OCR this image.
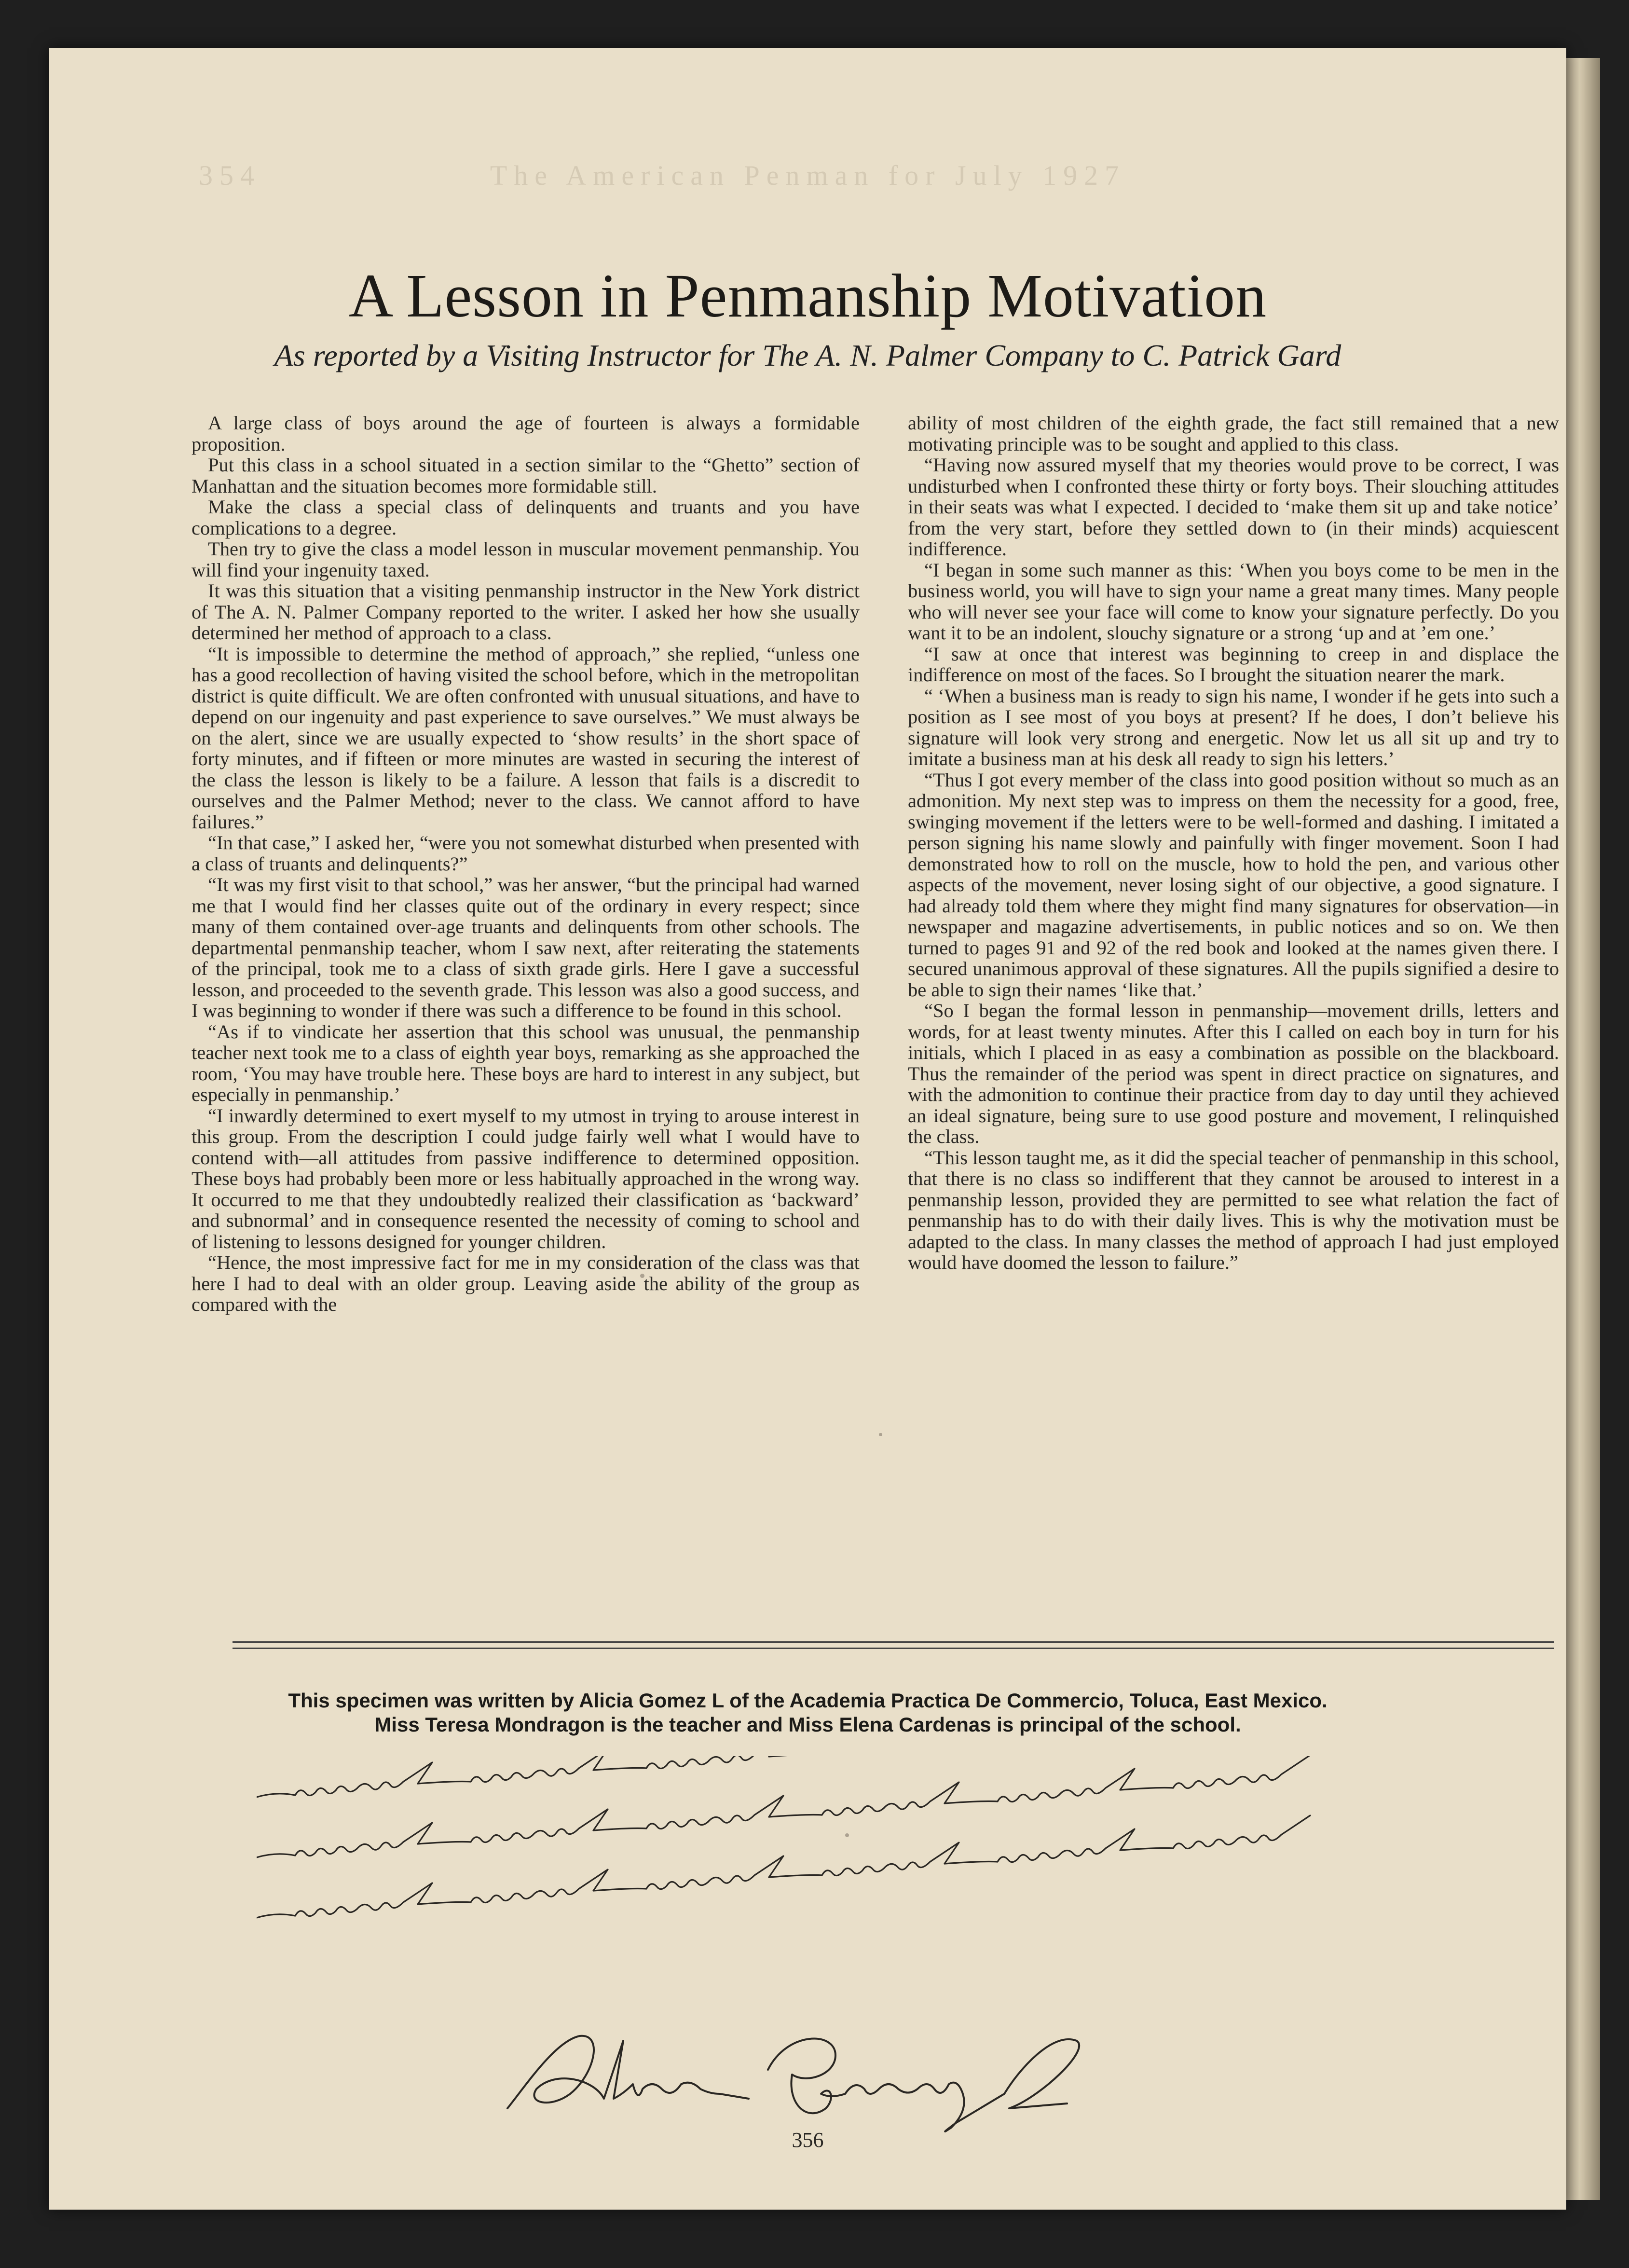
354	The American Penman for July 1927
A Lesson in Penmanship Motivation
As reported by a Visiting Instructor for The A. N. Palmer Company to C. Patrick Gard

A large class of boys around the age of fourteen is always a formidable proposition.

Put this class in a school situated in a section similar to the “Ghetto” section of Manhattan and the situation becomes more formidable still.

Make the class a special class of delinquents and truants and you have complications to a degree.

Then try to give the class a model lesson in muscular movement penmanship. You will find your ingenuity taxed.

It was this situation that a visiting penmanship instructor in the New York district of The A. N. Palmer Company reported to the writer. I asked her how she usually determined her method of approach to a class.

“It is impossible to determine the method of approach,” she replied, “unless one has a good recollection of having visited the school before, which in the metropolitan district is quite difficult. We are often confronted with unusual situations, and have to depend on our ingenuity and past experience to save ourselves.” We must always be on the alert, since we are usually expected to ‘show results’ in the short space of forty minutes, and if fifteen or more minutes are wasted in securing the interest of the class the lesson is likely to be a failure. A lesson that fails is a discredit to ourselves and the Palmer Method; never to the class. We cannot afford to have failures.”

“In that case,” I asked her, “were you not somewhat disturbed when presented with a class of truants and delinquents?”

“It was my first visit to that school,” was her answer, “but the principal had warned me that I would find her classes quite out of the ordinary in every respect; since many of them contained over-age truants and delinquents from other schools. The departmental penmanship teacher, whom I saw next, after reiterating the statements of the principal, took me to a class of sixth grade girls. Here I gave a successful lesson, and proceeded to the seventh grade. This lesson was also a good success, and I was beginning to wonder if there was such a difference to be found in this school.

“As if to vindicate her assertion that this school was unusual, the penmanship teacher next took me to a class of eighth year boys, remarking as she approached the room, ‘You may have trouble here. These boys are hard to interest in any subject, but especially in penmanship.’

“I inwardly determined to exert myself to my utmost in trying to arouse interest in this group. From the description I could judge fairly well what I would have to contend with—all attitudes from passive indifference to determined opposition. These boys had probably been more or less habitually approached in the wrong way. It occurred to me that they undoubtedly realized their classification as ‘backward’ and subnormal’ and in consequence resented the necessity of coming to school and of listening to lessons designed for younger children.

“Hence, the most impressive fact for me in my consideration of the class was that here I had to deal with an older group. Leaving aside the ability of the group as compared with the

ability of most children of the eighth grade, the fact still remained that a new motivating principle was to be sought and applied to this class.

“Having now assured myself that my theories would prove to be correct, I was undisturbed when I confronted these thirty or forty boys. Their slouching attitudes in their seats was what I expected. I decided to ‘make them sit up and take notice’ from the very start, before they settled down to (in their minds) acquiescent indifference.

“I began in some such manner as this: ‘When you boys come to be men in the business world, you will have to sign your name a great many times. Many people who will never see your face will come to know your signature perfectly. Do you want it to be an indolent, slouchy signature or a strong ‘up and at ’em one.’

“I saw at once that interest was beginning to creep in and displace the indifference on most of the faces. So I brought the situation nearer the mark.

“ ‘When a business man is ready to sign his name, I wonder if he gets into such a position as I see most of you boys at present? If he does, I don’t believe his signature will look very strong and energetic. Now let us all sit up and try to imitate a business man at his desk all ready to sign his letters.’

“Thus I got every member of the class into good position without so much as an admonition. My next step was to impress on them the necessity for a good, free, swinging movement if the letters were to be well-formed and dashing. I imitated a person signing his name slowly and painfully with finger movement. Soon I had demonstrated how to roll on the muscle, how to hold the pen, and various other aspects of the movement, never losing sight of our objective, a good signature. I had already told them where they might find many signatures for observation—in newspaper and magazine advertisements, in public notices and so on. We then turned to pages 91 and 92 of the red book and looked at the names given there. I secured unanimous approval of these signatures. All the pupils signified a desire to be able to sign their names ‘like that.’

“So I began the formal lesson in penmanship—movement drills, letters and words, for at least twenty minutes. After this I called on each boy in turn for his initials, which I placed in as easy a combination as possible on the blackboard. Thus the remainder of the period was spent in direct practice on signatures, and with the admonition to continue their practice from day to day until they achieved an ideal signature, being sure to use good posture and movement, I relinquished the class.

“This lesson taught me, as it did the special teacher of penmanship in this school, that there is no class so indifferent that they cannot be aroused to interest in a penmanship lesson, provided they are permitted to see what relation the fact of penmanship has to do with their daily lives. This is why the motivation must be adapted to the class. In many classes the method of approach I had just employed would have doomed the lesson to failure.”

This specimen was written by Alicia Gomez L of the Academia Practica De Commercio, Toluca, East Mexico.
Miss Teresa Mondragon is the teacher and Miss Elena Cardenas is principal of the school.
356
